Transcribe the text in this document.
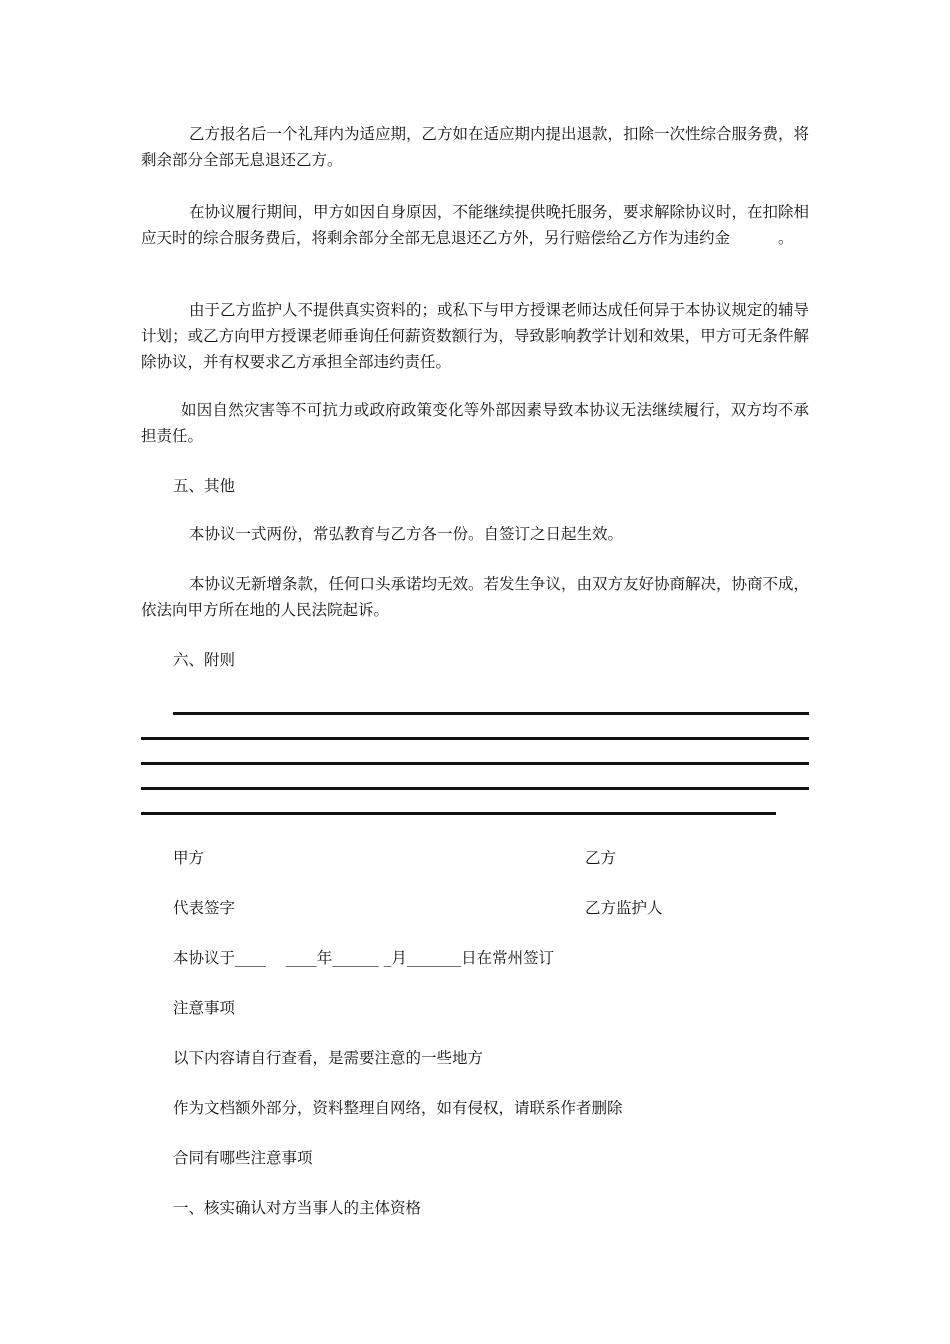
乙方报名后一个礼拜内为适应期，乙方如在适应期内提出退款，扣除一次性综合服务费，将剩余部分全部无息退还乙方。
在协议履行期间，甲方如因自身原因，不能继续提供晚托服务，要求解除协议时，在扣除相应天时的综合服务费后，将剩余部分全部无息退还乙方外，另行赔偿给乙方作为违约金	。
由于乙方监护人不提供真实资料的；或私下与甲方授课老师达成任何异于本协议规定的辅导计划；或乙方向甲方授课老师垂询任何薪资数额行为，导致影响教学计划和效果，甲方可无条件解除协议，并有权要求乙方承担全部违约责任。
如因自然灾害等不可抗力或政府政策变化等外部因素导致本协议无法继续履行，双方均不承担责任。
五、其他
本协议一式两份，常弘教育与乙方各一份。自签订之日起生效。
本协议无新增条款，任何口头承诺均无效。若发生争议，由双方友好协商解决，协商不成，依法向甲方所在地的人民法院起诉。
六、附则
甲方	乙方
代表签字	乙方监护人
本协议于____    ____年______ _月_______日在常州签订
注意事项
以下内容请自行查看，是需要注意的一些地方
作为文档额外部分，资料整理自网络，如有侵权，请联系作者删除
合同有哪些注意事项
一、核实确认对方当事人的主体资格
